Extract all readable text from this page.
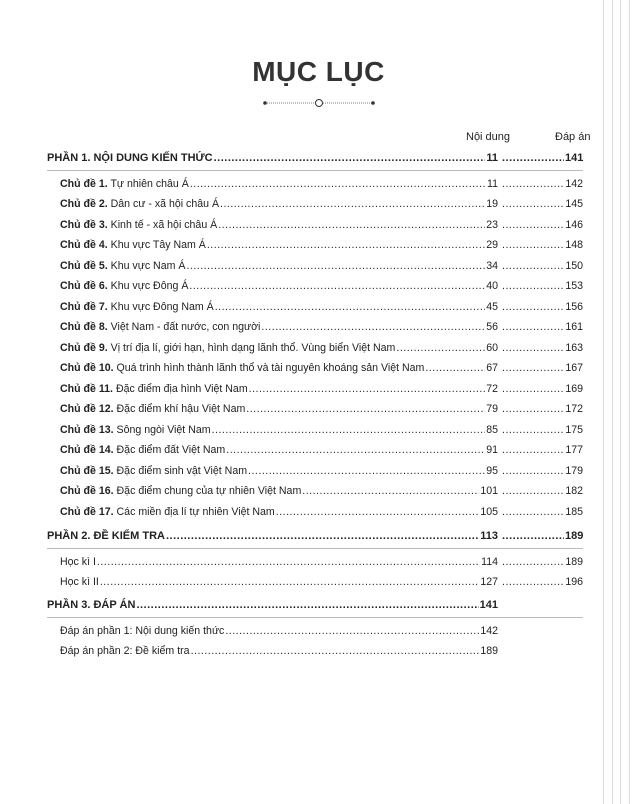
MỤC LỤC
Nội dung	Đáp án
PHẦN 1. NỘI DUNG KIẾN THỨC .....	11 .....	141
Chủ đề 1. Tự nhiên châu Á .....	11 .....	142
Chủ đề 2. Dân cư - xã hội châu Á .....	19 .....	145
Chủ đề 3. Kinh tế - xã hội châu Á .....	23 .....	146
Chủ đề 4. Khu vực Tây Nam Á .....	29 .....	148
Chủ đề 5. Khu vực Nam Á .....	34 .....	150
Chủ đề 6. Khu vực Đông Á .....	40 .....	153
Chủ đề 7. Khu vực Đông Nam Á .....	45 .....	156
Chủ đề 8. Việt Nam - đất nước, con người .....	56 .....	161
Chủ đề 9. Vị trí địa lí, giới hạn, hình dạng lãnh thổ. Vùng biển Việt Nam .....	60 .....	163
Chủ đề 10. Quá trình hình thành lãnh thổ và tài nguyên khoáng sản Việt Nam .....	67 .....	167
Chủ đề 11. Đặc điểm địa hình Việt Nam .....	72 .....	169
Chủ đề 12. Đặc điểm khí hậu Việt Nam .....	79 .....	172
Chủ đề 13. Sông ngòi Việt Nam .....	85 .....	175
Chủ đề 14. Đặc điểm đất Việt Nam .....	91 .....	177
Chủ đề 15. Đặc điểm sinh vật Việt Nam .....	95 .....	179
Chủ đề 16. Đặc điểm chung của tự nhiên Việt Nam .....	101 .....	182
Chủ đề 17. Các miền địa lí tự nhiên Việt Nam .....	105 .....	185
PHẦN 2. ĐỀ KIỂM TRA .....	113 .....	189
Học kì I .....	114 .....	189
Học kì II .....	127 .....	196
PHẦN 3. ĐÁP ÁN .....	141
Đáp án phần 1: Nội dung kiến thức .....	142
Đáp án phần 2: Đề kiểm tra .....	189
